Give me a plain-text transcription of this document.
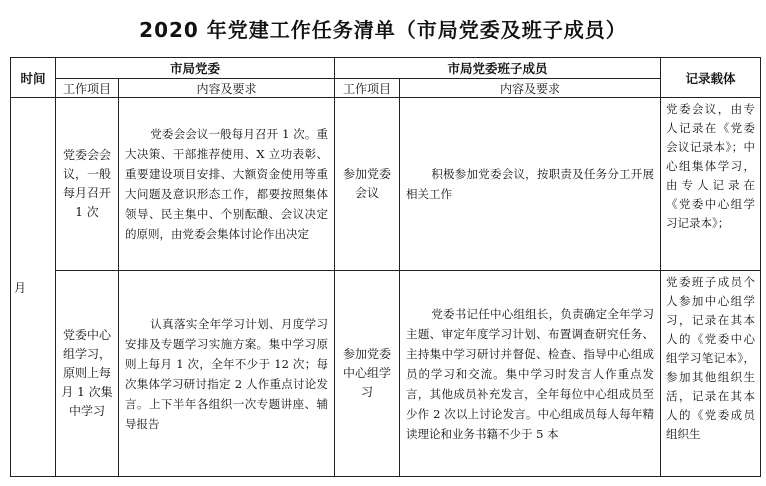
2020 年党建工作任务清单（市局党委及班子成员）
时间	市局党委		市局党委班子成员		记录载体
	工作项目	内容及要求	工作项目	内容及要求	
月	党委会会议，一般每月召开 1 次	党委会会议一般每月召开 1 次。重大决策、干部推荐使用、X 立功表彰、重要建设项目安排、大额资金使用等重大问题及意识形态工作，都要按照集体领导、民主集中、个别酝酿、会议决定的原则，由党委会集体讨论作出决定	参加党委会议	积极参加党委会议，按职责及任务分工开展相关工作	党委会议，由专人记录在《党委会议记录本》；中心组集体学习，由专人记录在《党委中心组学习记录本》；

	党委中心组学习，原则上每月 1 次集中学习	认真落实全年学习计划、月度学习安排及专题学习实施方案。集中学习原则上每月 1 次，全年不少于 12 次；每次集体学习研讨指定 2 人作重点讨论发言。上下半年各组织一次专题讲座、辅导报告	参加党委中心组学习	党委书记任中心组组长，负责确定全年学习主题、审定年度学习计划、布置调查研究任务、主持集中学习研讨并督促、检查、指导中心组成员的学习和交流。集中学习时发言人作重点发言，其他成员补充发言，全年每位中心组成员至少作 2 次以上讨论发言。中心组成员每人每年精读理论和业务书籍不少于 5 本	党委班子成员个人参加中心组学习，记录在其本人的《党委中心组学习笔记本》，参加其他组织生活，记录在其本人的《党委成员组织生
